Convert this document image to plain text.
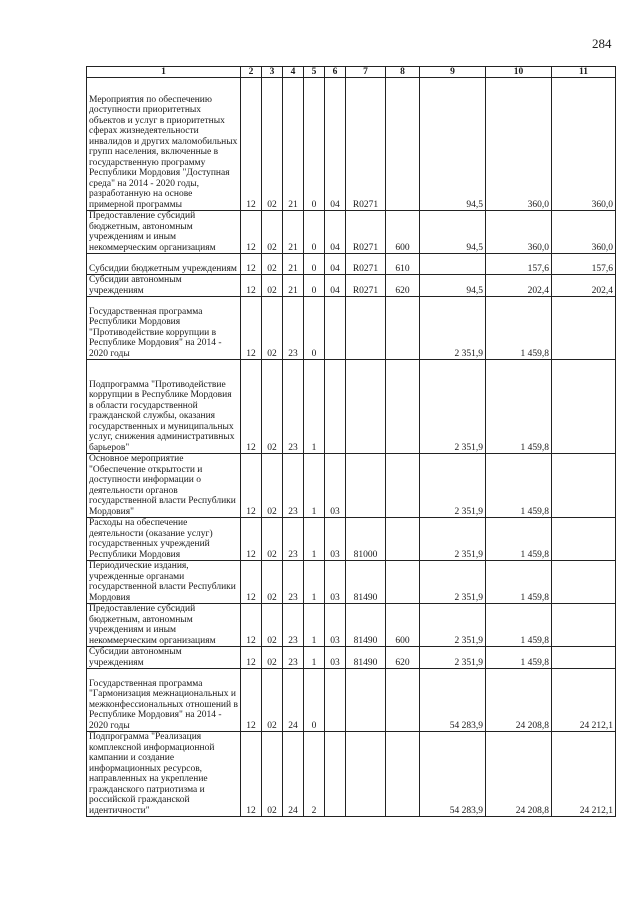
284
1	2	3	4	5	6	7	8	9	10	11
Мероприятия по обеспечению доступности приоритетных объектов и услуг в приоритетных сферах жизнедеятельности инвалидов и других маломобильных групп населения, включенные в государственную программу Республики Мордовия "Доступная среда" на 2014 - 2020 годы, разработанную на основе примерной программы	12	02	21	0	04	R0271		94,5	360,0	360,0
Предоставление субсидий бюджетным, автономным учреждениям и иным некоммерческим организациям	12	02	21	0	04	R0271	600	94,5	360,0	360,0
Субсидии бюджетным учреждениям	12	02	21	0	04	R0271	610		157,6	157,6
Субсидии автономным учреждениям	12	02	21	0	04	R0271	620	94,5	202,4	202,4
Государственная программа Республики Мордовия "Противодействие коррупции в Республике Мордовия" на 2014 - 2020 годы	12	02	23	0				2 351,9	1 459,8	
Подпрограмма "Противодействие коррупции в Республике Мордовия в области государственной гражданской службы, оказания государственных и муниципальных услуг, снижения административных барьеров"	12	02	23	1				2 351,9	1 459,8	
Основное мероприятие "Обеспечение открытости и доступности информации о деятельности органов государственной власти Республики Мордовия"	12	02	23	1	03			2 351,9	1 459,8	
Расходы на обеспечение деятельности (оказание услуг) государственных учреждений Республики Мордовия	12	02	23	1	03	81000		2 351,9	1 459,8	
Периодические издания, учрежденные органами государственной власти Республики Мордовия	12	02	23	1	03	81490		2 351,9	1 459,8	
Предоставление субсидий бюджетным, автономным учреждениям и иным некоммерческим организациям	12	02	23	1	03	81490	600	2 351,9	1 459,8	
Субсидии автономным учреждениям	12	02	23	1	03	81490	620	2 351,9	1 459,8	
Государственная программа "Гармонизация межнациональных и межконфессиональных отношений в Республике Мордовия" на 2014 - 2020 годы	12	02	24	0				54 283,9	24 208,8	24 212,1
Подпрограмма "Реализация комплексной информационной кампании и создание информационных ресурсов, направленных на укрепление гражданского патриотизма и российской гражданской идентичности"	12	02	24	2				54 283,9	24 208,8	24 212,1
